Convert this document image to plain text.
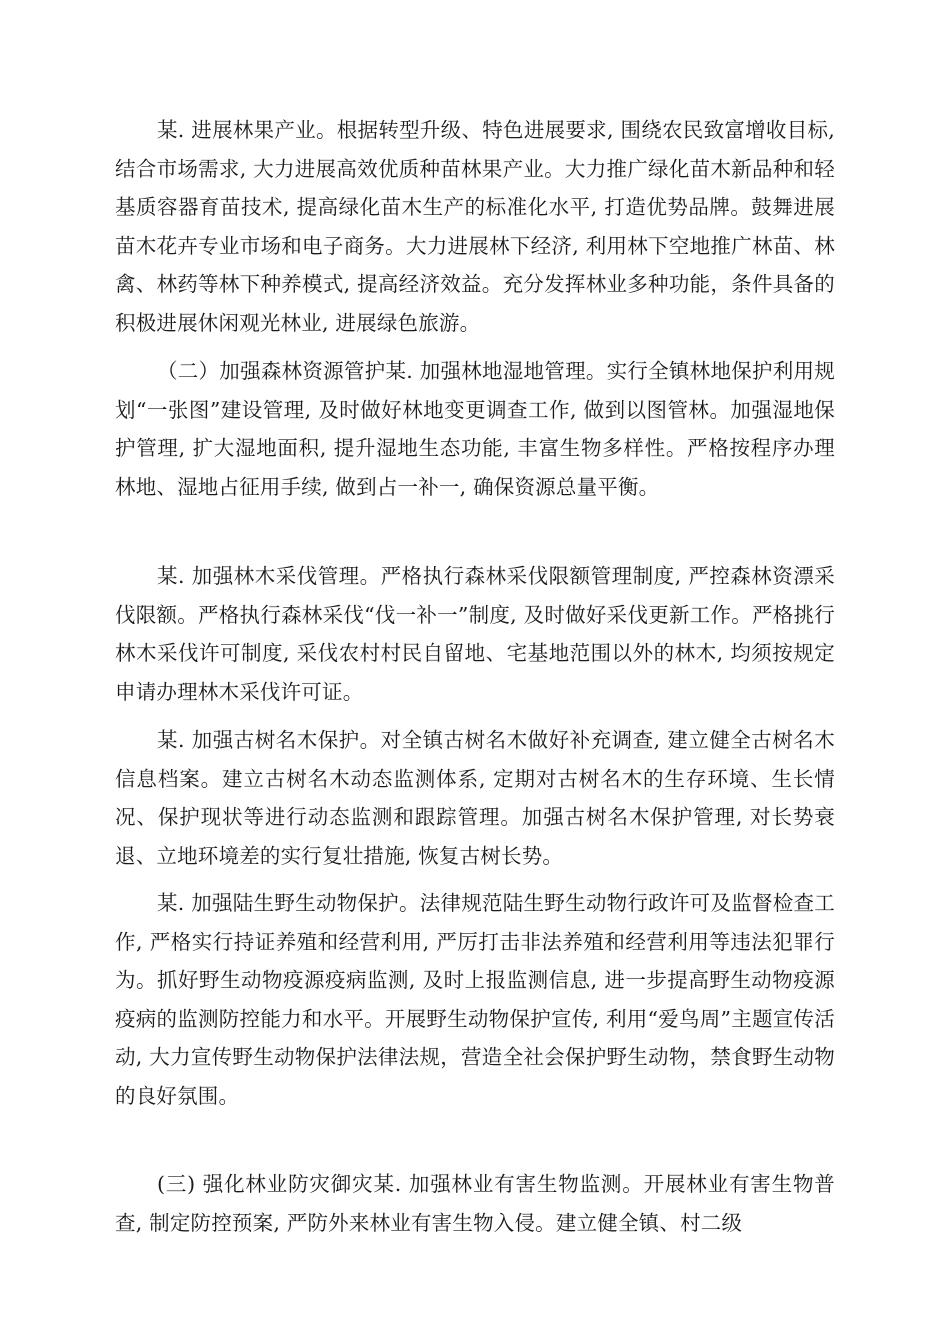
某. 进展林果产业。根据转型升级、特色进展要求, 围绕农民致富增收目标, 结合市场需求, 大力进展高效优质种苗林果产业。大力推广绿化苗木新品种和轻基质容器育苗技术, 提高绿化苗木生产的标准化水平, 打造优势品牌。鼓舞进展苗木花卉专业市场和电子商务。大力进展林下经济, 利用林下空地推广林苗、林禽、林药等林下种养模式, 提高经济效益。充分发挥林业多种功能，条件具备的积极进展休闲观光林业, 进展绿色旅游。

（二）加强森林资源管护某. 加强林地湿地管理。实行全镇林地保护利用规划“一张图”建设管理, 及时做好林地变更调查工作, 做到以图管林。加强湿地保护管理, 扩大湿地面积, 提升湿地生态功能, 丰富生物多样性。严格按程序办理林地、湿地占征用手续, 做到占一补一, 确保资源总量平衡。

某. 加强林木采伐管理。严格执行森林采伐限额管理制度, 严控森林资漂采伐限额。严格执行森林采伐“伐一补一”制度, 及时做好采伐更新工作。严格挑行林木采伐许可制度, 采伐农村村民自留地、宅基地范围以外的林木, 均须按规定申请办理林木采伐许可证。

某. 加强古树名木保护。对全镇古树名木做好补充调查, 建立健全古树名木信息档案。建立古树名木动态监测体系, 定期对古树名木的生存环境、生长情况、保护现状等进行动态监测和跟踪管理。加强古树名木保护管理, 对长势衰退、立地环境差的实行复壮措施, 恢复古树长势。

某. 加强陆生野生动物保护。法律规范陆生野生动物行政许可及监督检查工作, 严格实行持证养殖和经营利用, 严厉打击非法养殖和经营利用等违法犯罪行为。抓好野生动物疫源疫病监测, 及时上报监测信息, 进一步提高野生动物疫源疫病的监测防控能力和水平。开展野生动物保护宣传, 利用“爱鸟周”主题宣传活动, 大力宣传野生动物保护法律法规，营造全社会保护野生动物，禁食野生动物的良好氛围。

(三) 强化林业防灾御灾某. 加强林业有害生物监测。开展林业有害生物普查, 制定防控预案, 严防外来林业有害生物入侵。建立健全镇、村二级
